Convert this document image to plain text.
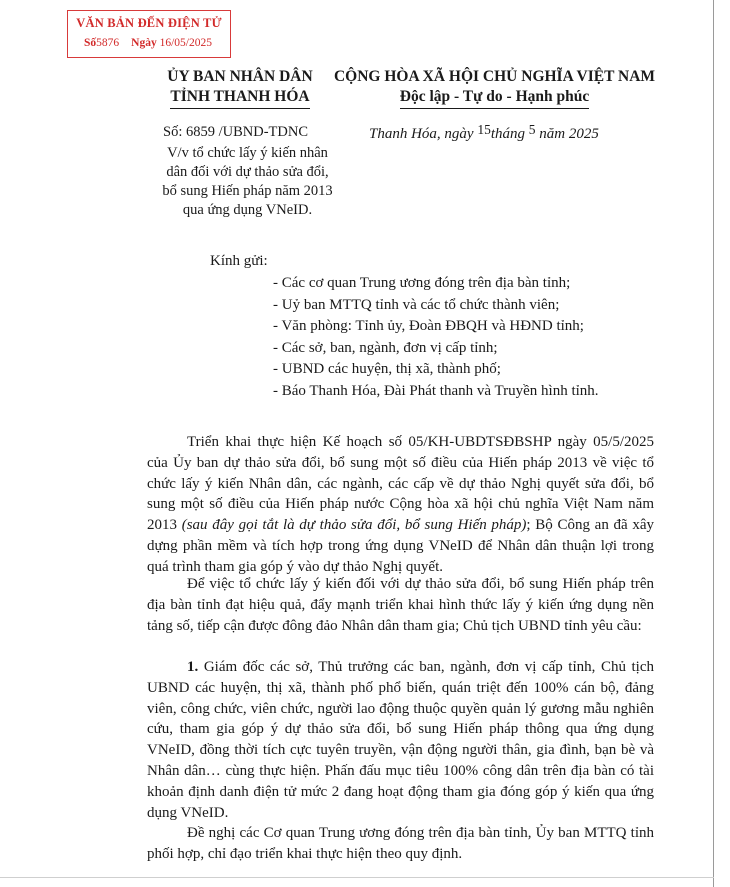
VĂN BẢN ĐẾN ĐIỆN TỬ
Số5876 Ngày 16/05/2025
ỦY BAN NHÂN DÂN
TỈNH THANH HÓA
CỘNG HÒA XÃ HỘI CHỦ NGHĨA VIỆT NAM
Độc lập - Tự do - Hạnh phúc
Số: 6859 /UBND-TDNC
V/v tổ chức lấy ý kiến nhân
dân đối với dự thảo sửa đổi,
bổ sung Hiến pháp năm 2013
qua ứng dụng VNeID.
Thanh Hóa, ngày 15tháng 5 năm 2025
Kính gửi:
- Các cơ quan Trung ương đóng trên địa bàn tỉnh;
- Uỷ ban MTTQ tỉnh và các tổ chức thành viên;
- Văn phòng: Tỉnh ủy, Đoàn ĐBQH và HĐND tỉnh;
- Các sở, ban, ngành, đơn vị cấp tỉnh;
- UBND các huyện, thị xã, thành phố;
- Báo Thanh Hóa, Đài Phát thanh và Truyền hình tỉnh.
Triển khai thực hiện Kế hoạch số 05/KH-UBDTSĐBSHP ngày 05/5/2025 của Ủy ban dự thảo sửa đổi, bổ sung một số điều của Hiến pháp 2013 về việc tổ chức lấy ý kiến Nhân dân, các ngành, các cấp về dự thảo Nghị quyết sửa đổi, bổ sung một số điều của Hiến pháp nước Cộng hòa xã hội chủ nghĩa Việt Nam năm 2013 (sau đây gọi tắt là dự thảo sửa đổi, bổ sung Hiến pháp); Bộ Công an đã xây dựng phần mềm và tích hợp trong ứng dụng VNeID để Nhân dân thuận lợi trong quá trình tham gia góp ý vào dự thảo Nghị quyết.
Để việc tổ chức lấy ý kiến đối với dự thảo sửa đổi, bổ sung Hiến pháp trên địa bàn tỉnh đạt hiệu quả, đẩy mạnh triển khai hình thức lấy ý kiến ứng dụng nền tảng số, tiếp cận được đông đảo Nhân dân tham gia; Chủ tịch UBND tỉnh yêu cầu:
1. Giám đốc các sở, Thủ trưởng các ban, ngành, đơn vị cấp tỉnh, Chủ tịch UBND các huyện, thị xã, thành phố phổ biến, quán triệt đến 100% cán bộ, đảng viên, công chức, viên chức, người lao động thuộc quyền quản lý gương mẫu nghiên cứu, tham gia góp ý dự thảo sửa đổi, bổ sung Hiến pháp thông qua ứng dụng VNeID, đồng thời tích cực tuyên truyền, vận động người thân, gia đình, bạn bè và Nhân dân… cùng thực hiện. Phấn đấu mục tiêu 100% công dân trên địa bàn có tài khoản định danh điện tử mức 2 đang hoạt động tham gia đóng góp ý kiến qua ứng dụng VNeID.
Đề nghị các Cơ quan Trung ương đóng trên địa bàn tỉnh, Ủy ban MTTQ tỉnh phối hợp, chỉ đạo triển khai thực hiện theo quy định.
